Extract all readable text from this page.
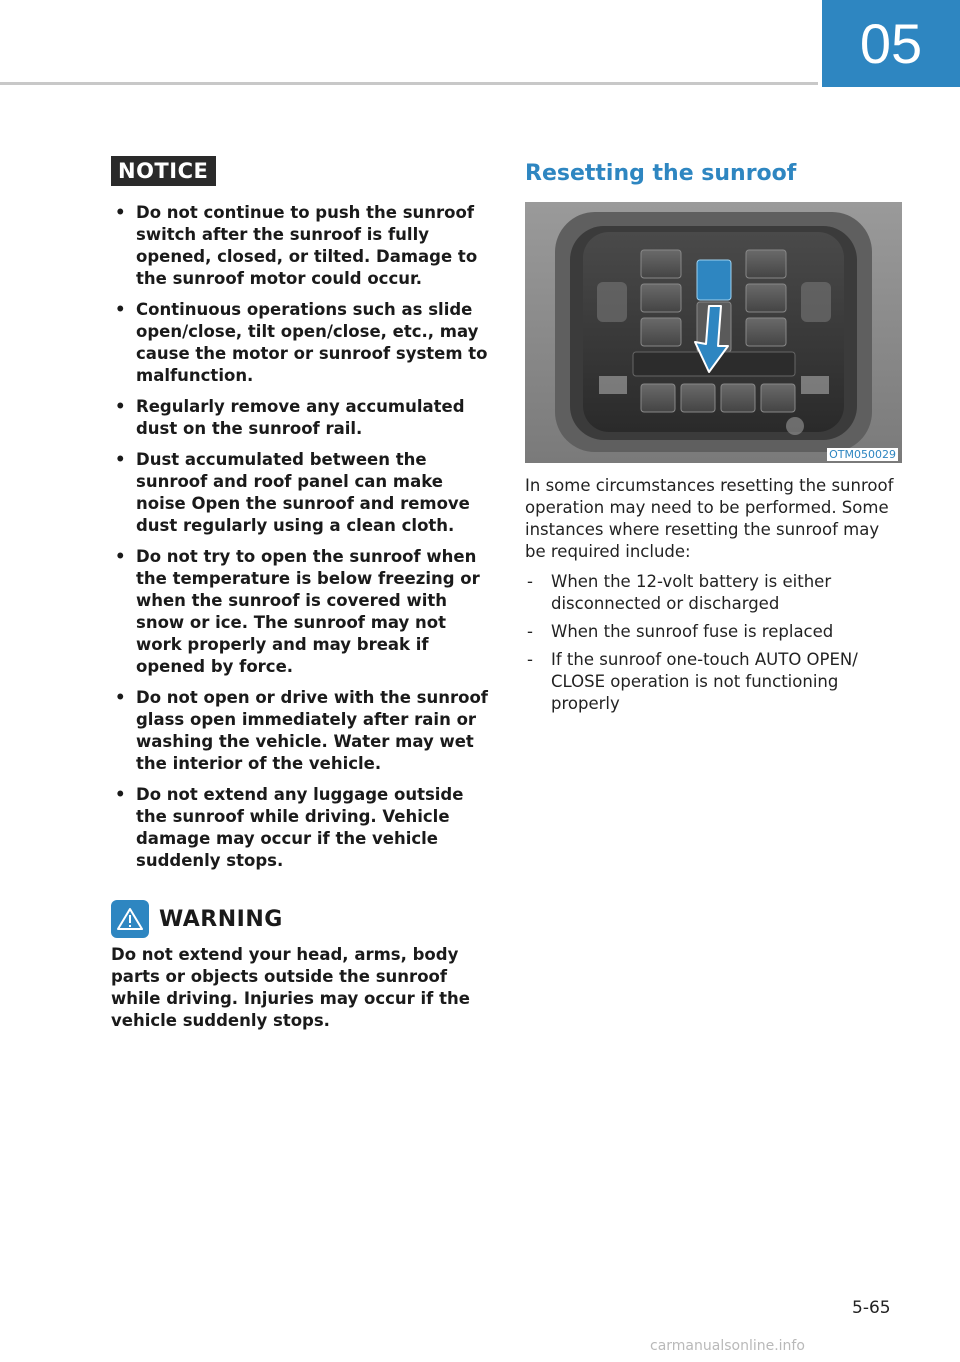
05
NOTICE
• Do not continue to push the sunroof switch after the sunroof is fully opened, closed, or tilted. Damage to the sunroof motor could occur.
• Continuous operations such as slide open/close, tilt open/close, etc., may cause the motor or sunroof system to malfunction.
• Regularly remove any accumulated dust on the sunroof rail.
• Dust accumulated between the sunroof and roof panel can make noise Open the sunroof and remove dust regularly using a clean cloth.
• Do not try to open the sunroof when the temperature is below freezing or when the sunroof is covered with snow or ice. The sunroof may not work properly and may break if opened by force.
• Do not open or drive with the sunroof glass open immediately after rain or washing the vehicle. Water may wet the interior of the vehicle.
• Do not extend any luggage outside the sunroof while driving. Vehicle damage may occur if the vehicle suddenly stops.
WARNING
Do not extend your head, arms, body parts or objects outside the sunroof while driving. Injuries may occur if the vehicle suddenly stops.
Resetting the sunroof
OTM050029
In some circumstances resetting the sunroof operation may need to be performed. Some instances where resetting the sunroof may be required include:
- When the 12-volt battery is either disconnected or discharged
- When the sunroof fuse is replaced
- If the sunroof one-touch AUTO OPEN/ CLOSE operation is not functioning properly
5-65
carmanualsonline.info
